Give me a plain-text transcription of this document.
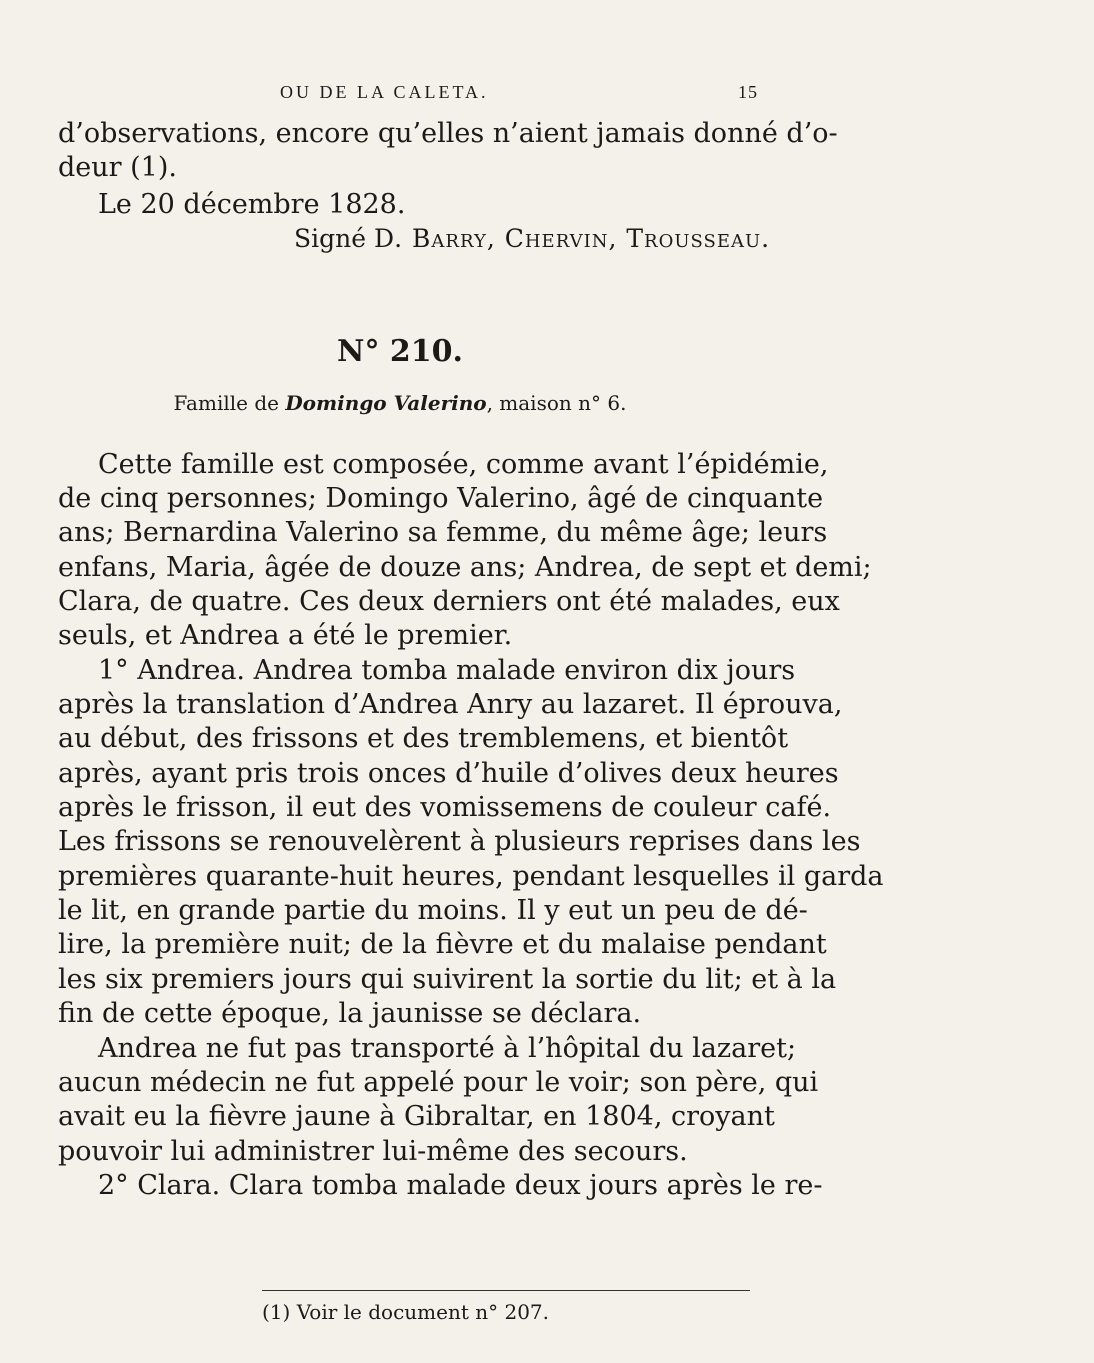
OU DE LA CALETA.	15
d’observations, encore qu’elles n’aient jamais donné d’o-
deur (1).
Le 20 décembre 1828.
Signé D. Barry, Chervin, Trousseau.
N° 210.
Famille de Domingo Valerino, maison n° 6.
Cette famille est composée, comme avant l’épidémie,
de cinq personnes; Domingo Valerino, âgé de cinquante
ans; Bernardina Valerino sa femme, du même âge; leurs
enfans, Maria, âgée de douze ans; Andrea, de sept et demi;
Clara, de quatre. Ces deux derniers ont été malades, eux
seuls, et Andrea a été le premier.
1° Andrea. Andrea tomba malade environ dix jours
après la translation d’Andrea Anry au lazaret. Il éprouva,
au début, des frissons et des tremblemens, et bientôt
après, ayant pris trois onces d’huile d’olives deux heures
après le frisson, il eut des vomissemens de couleur café.
Les frissons se renouvelèrent à plusieurs reprises dans les
premières quarante-huit heures, pendant lesquelles il garda
le lit, en grande partie du moins. Il y eut un peu de dé-
lire, la première nuit; de la fièvre et du malaise pendant
les six premiers jours qui suivirent la sortie du lit; et à la
fin de cette époque, la jaunisse se déclara.
Andrea ne fut pas transporté à l’hôpital du lazaret;
aucun médecin ne fut appelé pour le voir; son père, qui
avait eu la fièvre jaune à Gibraltar, en 1804, croyant
pouvoir lui administrer lui-même des secours.
2° Clara. Clara tomba malade deux jours après le re-
(1) Voir le document n° 207.
